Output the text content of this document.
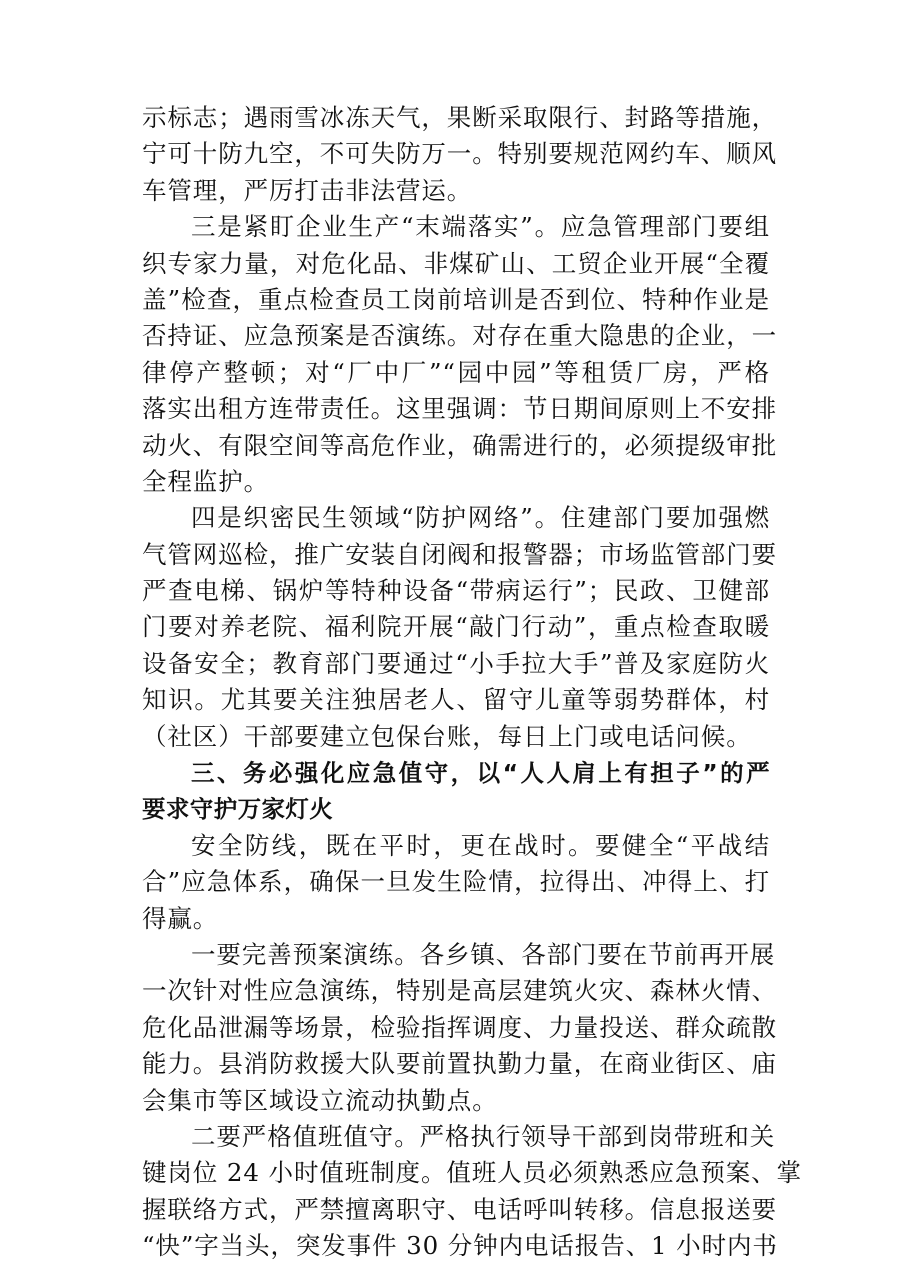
示标志；遇雨雪冰冻天气，果断采取限行、封路等措施，
宁可十防九空，不可失防万一。特别要规范网约车、顺风
车管理，严厉打击非法营运。
三是紧盯企业生产“末端落实”。应急管理部门要组
织专家力量，对危化品、非煤矿山、工贸企业开展“全覆
盖”检查，重点检查员工岗前培训是否到位、特种作业是
否持证、应急预案是否演练。对存在重大隐患的企业，一
律停产整顿；对“厂中厂”“园中园”等租赁厂房，严格
落实出租方连带责任。这里强调：节日期间原则上不安排
动火、有限空间等高危作业，确需进行的，必须提级审批
全程监护。
四是织密民生领域“防护网络”。住建部门要加强燃
气管网巡检，推广安装自闭阀和报警器；市场监管部门要
严查电梯、锅炉等特种设备“带病运行”；民政、卫健部
门要对养老院、福利院开展“敲门行动”，重点检查取暖
设备安全；教育部门要通过“小手拉大手”普及家庭防火
知识。尤其要关注独居老人、留守儿童等弱势群体，村
（社区）干部要建立包保台账，每日上门或电话问候。
三、务必强化应急值守，以“人人肩上有担子”的严
要求守护万家灯火
安全防线，既在平时，更在战时。要健全“平战结
合”应急体系，确保一旦发生险情，拉得出、冲得上、打
得赢。
一要完善预案演练。各乡镇、各部门要在节前再开展
一次针对性应急演练，特别是高层建筑火灾、森林火情、
危化品泄漏等场景，检验指挥调度、力量投送、群众疏散
能力。县消防救援大队要前置执勤力量，在商业街区、庙
会集市等区域设立流动执勤点。
二要严格值班值守。严格执行领导干部到岗带班和关
键岗位 24 小时值班制度。值班人员必须熟悉应急预案、掌
握联络方式，严禁擅离职守、电话呼叫转移。信息报送要
“快”字当头，突发事件 30 分钟内电话报告、1 小时内书
